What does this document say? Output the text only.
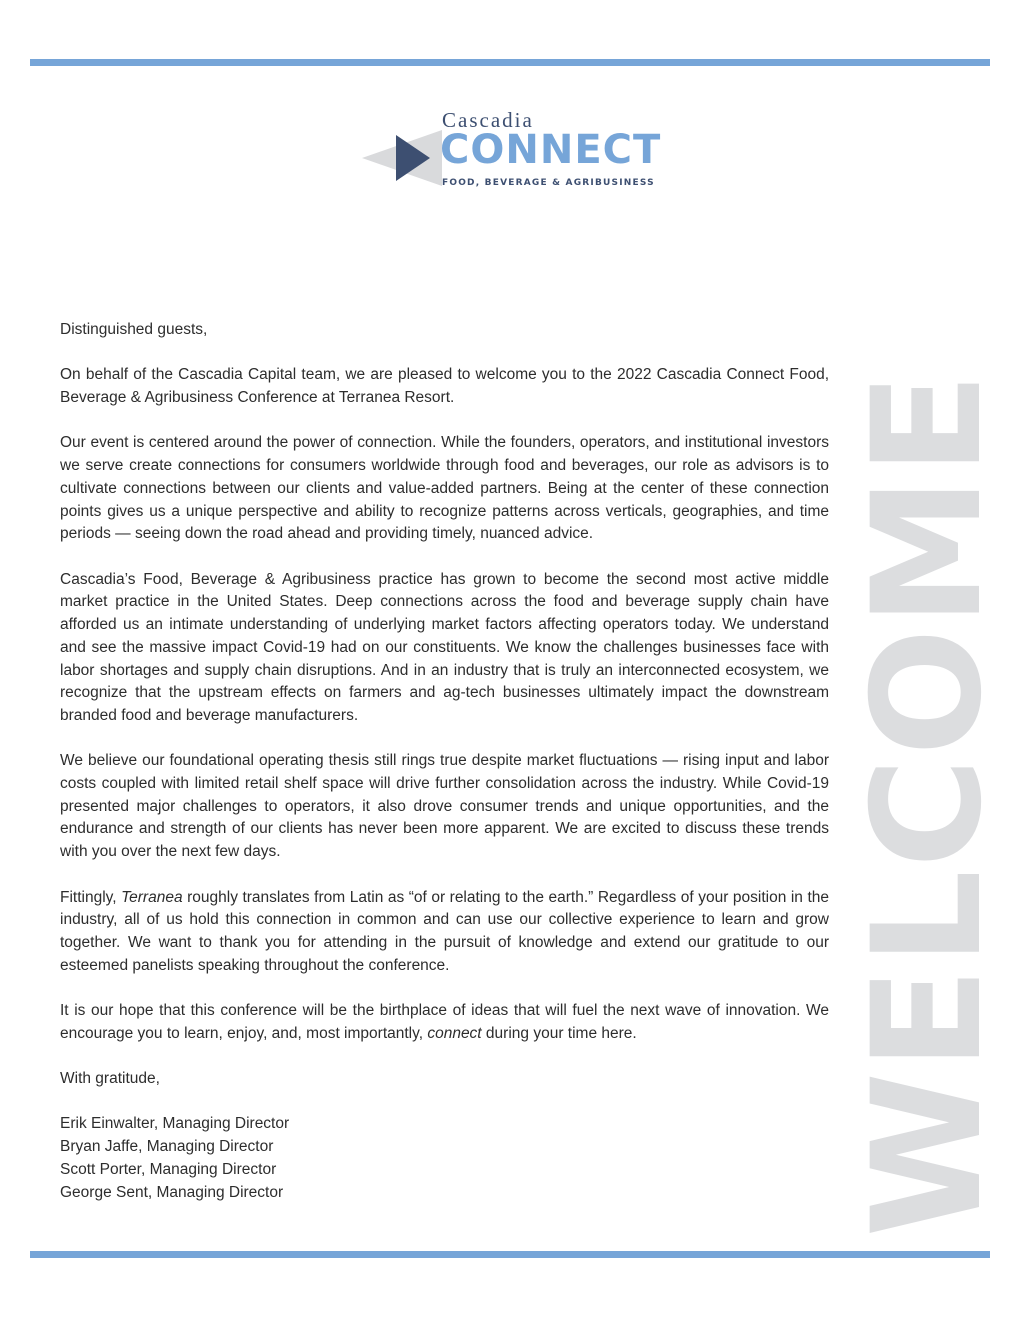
Cascadia
CONNECT
FOOD, BEVERAGE & AGRIBUSINESS

Distinguished guests,

On behalf of the Cascadia Capital team, we are pleased to welcome you to the 2022 Cascadia Connect Food, Beverage & Agribusiness Conference at Terranea Resort.

Our event is centered around the power of connection. While the founders, operators, and institutional investors we serve create connections for consumers worldwide through food and beverages, our role as advisors is to cultivate connections between our clients and value-added partners. Being at the center of these connection points gives us a unique perspective and ability to recognize patterns across verticals, geographies, and time periods — seeing down the road ahead and providing timely, nuanced advice.

Cascadia’s Food, Beverage & Agribusiness practice has grown to become the second most active middle market practice in the United States. Deep connections across the food and beverage supply chain have afforded us an intimate understanding of underlying market factors affecting operators today. We understand and see the massive impact Covid-19 had on our constituents. We know the challenges businesses face with labor shortages and supply chain disruptions. And in an industry that is truly an interconnected ecosystem, we recognize that the upstream effects on farmers and ag-tech businesses ultimately impact the downstream branded food and beverage manufacturers.

We believe our foundational operating thesis still rings true despite market fluctuations — rising input and labor costs coupled with limited retail shelf space will drive further consolidation across the industry. While Covid-19 presented major challenges to operators, it also drove consumer trends and unique opportunities, and the endurance and strength of our clients has never been more apparent. We are excited to discuss these trends with you over the next few days.

Fittingly, Terranea roughly translates from Latin as “of or relating to the earth.” Regardless of your position in the industry, all of us hold this connection in common and can use our collective experience to learn and grow together. We want to thank you for attending in the pursuit of knowledge and extend our gratitude to our esteemed panelists speaking throughout the conference.

It is our hope that this conference will be the birthplace of ideas that will fuel the next wave of innovation. We encourage you to learn, enjoy, and, most importantly, connect during your time here.

With gratitude,

Erik Einwalter, Managing Director
Bryan Jaffe, Managing Director
Scott Porter, Managing Director
George Sent, Managing Director	WELCOME
